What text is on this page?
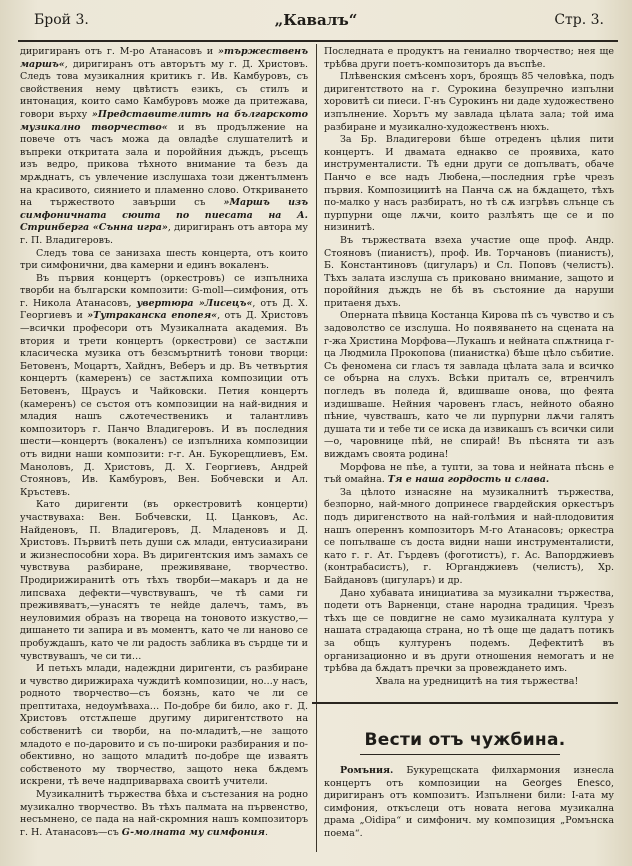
Брой 3.	„Кавалъ“	Стр. 3.

диригиранъ отъ г. М-ро Атанасовъ и »тържественъ маршъ«, диригиранъ отъ авторътъ му г. Д. Христовъ. Следъ това музикалния критикъ г. Ив. Камбуровъ, съ свойствения нему цвѣтистъ езикъ, съ стилъ и интонация, които само Камбуровъ може да притежава, говори върху »Представителитѣ на българското музикално творчество« и въ продължение на повече отъ часъ можа да овладѣе слушателитѣ и въпреки откритата зала и пороййния дъждъ, ръсещъ изъ ведро, прикова тѣхното внимание та безъ да мрѫднатъ, съ увлечение изслушаха този джентълменъ на красивото, сиянието и пламенно слово. Откриването на тържеството завърши съ »Маршъ изъ симфоничната сюита по пиесата на А. Стринберга «Сънна игра», диригиранъ отъ автора му г. П. Владигеровъ.

Следъ това се занизаха шесть концерта, отъ които три симфонични, два камерни и единъ вокаленъ.

Въ първия концертъ (оркестровъ) се изпълниха творби на български композити: G-moll—симфония, отъ г. Никола Атанасовъ, увертюра »Лисецъ«, отъ Д. Х. Георгиевъ и »Тутраканска епопея«, отъ Д. Христовъ—всички професори отъ Музикалната академия. Въ втория и трети концертъ (оркестрови) се застѫпи класическа музика отъ безсмъртнитѣ тонови творци: Бетовенъ, Моцартъ, Хайднъ, Веберъ и др. Въ четвъртия концертъ (камеренъ) се застѫпиха композиции отъ Бетовенъ, Щраусъ и Чайковски. Петия концертъ (камеренъ) се състоя отъ композиции на най-видния и младия нашъ сѫотечественикъ и талантливъ композиторъ г. Панчо Владигеровъ. И въ последния шести—концертъ (вокаленъ) се изпълниха композиции отъ видни наши композити: г-г. Ан. Букорещлиевъ, Ем. Маноловъ, Д. Христовъ, Д. Х. Георгиевъ, Андрей Стояновъ, Ив. Камбуровъ, Вен. Бобчевски и Ал. Кръстевъ.

Като диригенти (въ оркестровитѣ концерти) участвуваха: Вен. Бобчевски, Ц. Цанковъ, Ас. Найденовъ, П. Владигеровъ, Д. Младеновъ и Д. Христовъ. Първитѣ петь души сѫ млади, ентусиазирани и жизнеспособни хора. Въ диригентския имъ замахъ се чувствува разбиране, преживяване, творчество. Продирижиранитѣ отъ тѣхъ творби—макаръ и да не липсваха дефекти—чувствувашъ, че тѣ сами ги преживяватъ,—унасятъ те нейде далечъ, тамъ, въ неуловимия образъ на твореца на тоновото изкуство,—дишането ти запира и въ моментъ, като че ли наново се пробуждашъ, като че ли радость заблика въ сърдце ти и чувствувашъ, че си ти…

И петьхъ млади, надеждни диригенти, съ разбиране и чувство дирижираха чуждитѣ композиции, но…у насъ, родното творчество—съ боязнь, като че ли се прептитаха, недоумѣваха… По-добре би било, ако г. Д. Христовъ отстѫпеше другиму диригентството на собственитѣ си творби, на по-младитѣ,—не защото младото е по-даровито и съ по-широки разбирания и по-обективно, но защото младитѣ по-добре ще изваятъ собственото му творчество, защото нека бѫдемъ искрени, тѣ вече надприварваха своитѣ учители.

Музикалнитѣ тържества бѣха и състезания на родно музикално творчество. Въ тѣхъ палмата на първенство, несъмнено, се пада на най-скромния нашъ композиторъ г. Н. Атанасовъ—съ G-молната му симфония.

Последната е продуктъ на гениално творчество; нея ще трѣбва други поетъ-композиторъ да въспѣе.

Плѣвенския смѣсенъ хоръ, броящъ 85 человѣка, подъ диригентството на г. Сурокина безупречно изпълни хоровитѣ си пиеси. Г-нъ Сурокинъ ни даде художествено изпълнение. Хорътъ му завлада цѣлата зала; той има разбиране и музикално-художественъ нюхъ.

За Бр. Владигерови бѣше отреденъ цѣлия пити концертъ. И двамата еднакво се проявиха, като инструменталисти. Тѣ едни други се допълватъ, обаче Панчо е все надъ Любена,—последния грѣе чрезъ първия. Композициитѣ на Панча сѫ на бѫдащето, тѣхъ по-малко у насъ разбиратъ, но тѣ сѫ изгрѣвъ слънце съ пурпурни още лѫчи, които разлѣятъ ще се и по низинитѣ.

Въ тържествата взеха участие още проф. Андр. Стояновъ (пианистъ), проф. Ив. Торчановъ (пианистъ), Б. Константиновъ (цигуларъ) и Сл. Поповъ (челистъ). Тѣхъ залата изслуша съ приковано внимание, защото и пороййния дъждъ не бѣ въ състояние да наруши притаеня дъхъ.

Оперната пѣвица Костанца Кирова пѣ съ чувство и съ задоволство се изслуша. Но появяването на сцената на г-жа Христина Морфова—Лукашъ и нейната спѫтница г-ца Людмила Прокопова (пианистка) бѣше цѣло събитие. Съ феномена си гласъ тя завлада цѣлата зала и всичко се обърна на слухъ. Всѣки приталъ се, втренчилъ погледъ въ поледа й, вдишваше онова, що феята издишваше. Нейния чаровенъ гласъ, нейното обаяно пѣние, чувствашъ, като че ли пурпурни лѫчи галятъ душата ти и тебе ти се иска да извикашъ съ всички сили—о, чаровнице пѣй, не спирай! Въ пѣснята ти азъ виждамъ своята родина!

Морфова не пѣе, а тупти, за това и нейната пѣснь е тъй омайна. Тя е наша гордость и слава.

За цѣлото изнасяне на музикалнитѣ тържества, безпорно, най-много допринесе гвардейския оркестъръ подъ диригенството на най-голѣмия и най-плодовития нашъ опереннъ композиторъ М-го Атанасовъ; оркестра се попълваше съ доста видни наши инструменталисти, като г. г. Ат. Гърдевъ (фоготистъ), г. Ас. Вапорджиевъ (контрабасистъ), г. Юрганджиевъ (челистъ), Хр. Байдановъ (цигуларъ) и др.

Дано хубавата инициатива за музикални тържества, подети отъ Варненци, стане народна традиция. Чрезъ тѣхъ ще се повдигне не само музикалната култура у нашата страдающа страна, но тѣ още ще дадатъ потикъ за общъ културенъ подемъ. Дефектитѣ въ организационно и въ други отношения немогатъ и не трѣбва да бѫдатъ пречки за провеждането имъ.

Хвала на уредницитѣ на тия тържества!

Вести отъ чужбина.

Ромъния. Букурещската филхармония изнесла концертъ отъ композиции на Georges Enesco, диригиранъ отъ композитъ. Изпълнени били: I-ата му симфония, откъслеци отъ новата негова музикална драма „Oidipa“ и симфонич. му композиция „Ромънска поема“.
